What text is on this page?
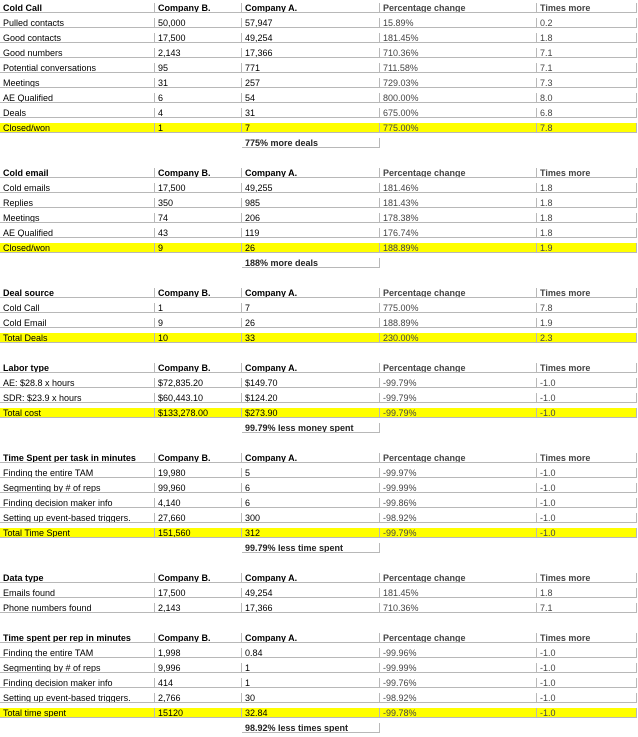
Cold Call	Company B.	Company A.	Percentage change	Times more
Pulled contacts	50,000	57,947	15.89%	0.2
Good contacts	17,500	49,254	181.45%	1.8
Good numbers	2,143	17,366	710.36%	7.1
Potential conversations	95	771	711.58%	7.1
Meetings	31	257	729.03%	7.3
AE Qualified	6	54	800.00%	8.0
Deals	4	31	675.00%	6.8
Closed/won	1	7	775.00%	7.8
775% more deals
Cold email	Company B.	Company A.	Percentage change	Times more
Cold emails	17,500	49,255	181.46%	1.8
Replies	350	985	181.43%	1.8
Meetings	74	206	178.38%	1.8
AE Qualified	43	119	176.74%	1.8
Closed/won	9	26	188.89%	1.9
188% more deals
Deal source	Company B.	Company A.	Percentage change	Times more
Cold Call	1	7	775.00%	7.8
Cold Email	9	26	188.89%	1.9
Total Deals	10	33	230.00%	2.3
Labor type	Company B.	Company A.	Percentage change	Times more
AE: $28.8 x hours	$72,835.20	$149.70	-99.79%	-1.0
SDR: $23.9 x hours	$60,443.10	$124.20	-99.79%	-1.0
Total cost	$133,278.00	$273.90	-99.79%	-1.0
99.79% less money spent
Time Spent per task in minutes	Company B.	Company A.	Percentage change	Times more
Finding the entire TAM	19,980	5	-99.97%	-1.0
Segmenting by # of reps	99,960	6	-99.99%	-1.0
Finding decision maker info	4,140	6	-99.86%	-1.0
Setting up event-based triggers.	27,660	300	-98.92%	-1.0
Total Time Spent	151,560	312	-99.79%	-1.0
99.79% less time spent
Data type	Company B.	Company A.	Percentage change	Times more
Emails found	17,500	49,254	181.45%	1.8
Phone numbers found	2,143	17,366	710.36%	7.1
Time spent per rep in minutes	Company B.	Company A.	Percentage change	Times more
Finding the entire TAM	1,998	0.84	-99.96%	-1.0
Segmenting by # of reps	9,996	1	-99.99%	-1.0
Finding decision maker info	414	1	-99.76%	-1.0
Setting up event-based triggers.	2,766	30	-98.92%	-1.0
Total time spent	15120	32.84	-99.78%	-1.0
98.92% less times spent
